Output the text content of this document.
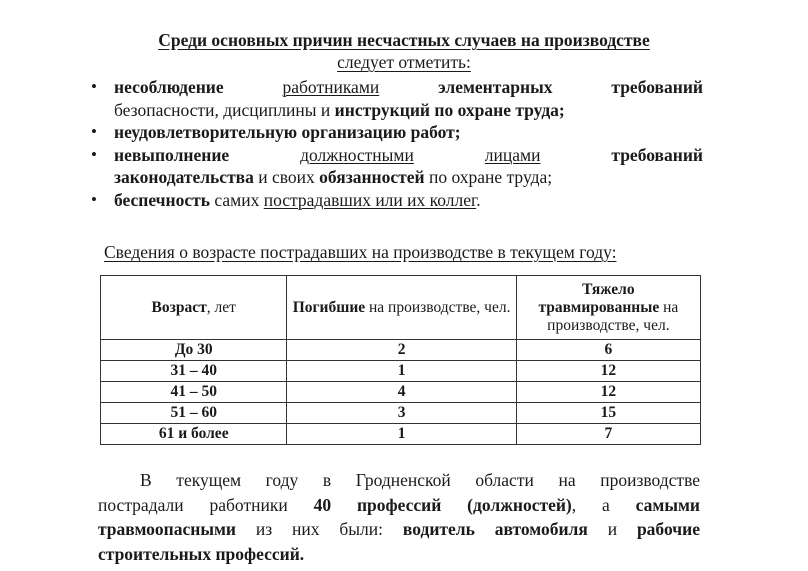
Среди основных причин несчастных случаев на производстве
следует отметить:
• несоблюдение	работниками	элементарных	требований
безопасности, дисциплины и инструкций по охране труда;
• неудовлетворительную организацию работ;
• невыполнение	должностными	лицами	требований
законодательства и своих обязанностей по охране труда;
• беспечность самих пострадавших или их коллег.
Сведения о возрасте пострадавших на производстве в текущем году:
Возраст, лет	Погибшие на производстве, чел.	Тяжело
травмированные на производстве, чел.
До 30	2	6
31 – 40	1	12
41 – 50	4	12
51 – 60	3	15
61 и более	1	7
В текущем году в Гродненской области на производстве
пострадали работники 40 профессий (должностей), а самыми
травмоопасными из них были: водитель автомобиля и рабочие
строительных профессий.
